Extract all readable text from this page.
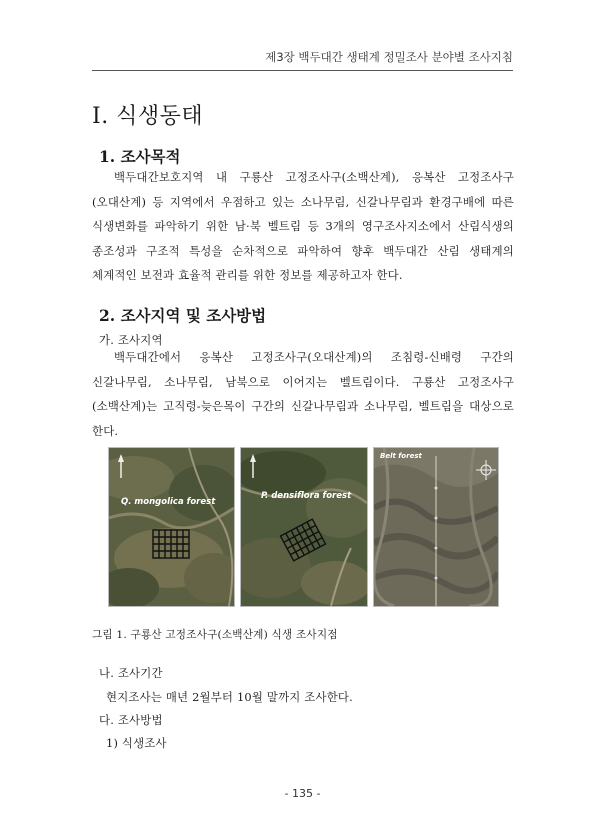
제3장 백두대간 생태계 정밀조사 분야별 조사지침
Ⅰ. 식생동태
1. 조사목적

백두대간보호지역 내 구룡산 고정조사구(소백산계), 응복산 고정조사구(오대산계) 등 지역에서 우점하고 있는 소나무림, 신갈나무림과 환경구배에 따른 식생변화를 파악하기 위한 남·북 벨트림 등 3개의 영구조사지소에서 산림식생의 종조성과 구조적 특성을 순차적으로 파악하여 향후 백두대간 산림 생태계의 체계적인 보전과 효율적 관리를 위한 정보를 제공하고자 한다.

2. 조사지역 및 조사방법

가. 조사지역

백두대간에서 응복산 고정조사구(오대산계)의 조침령-신배령 구간의 신갈나무림, 소나무림, 남북으로 이어지는 벨트림이다. 구룡산 고정조사구(소백산계)는 고직령-늦은목이 구간의 신갈나무림과 소나무림, 벨트림을 대상으로 한다.

Q. mongolica forest
P. densiflora forest
Belt forest

그림 1. 구룡산 고정조사구(소백산계) 식생 조사지점

나. 조사기간

현지조사는 매년 2월부터 10월 말까지 조사한다.

다. 조사방법

1) 식생조사

- 135 -
